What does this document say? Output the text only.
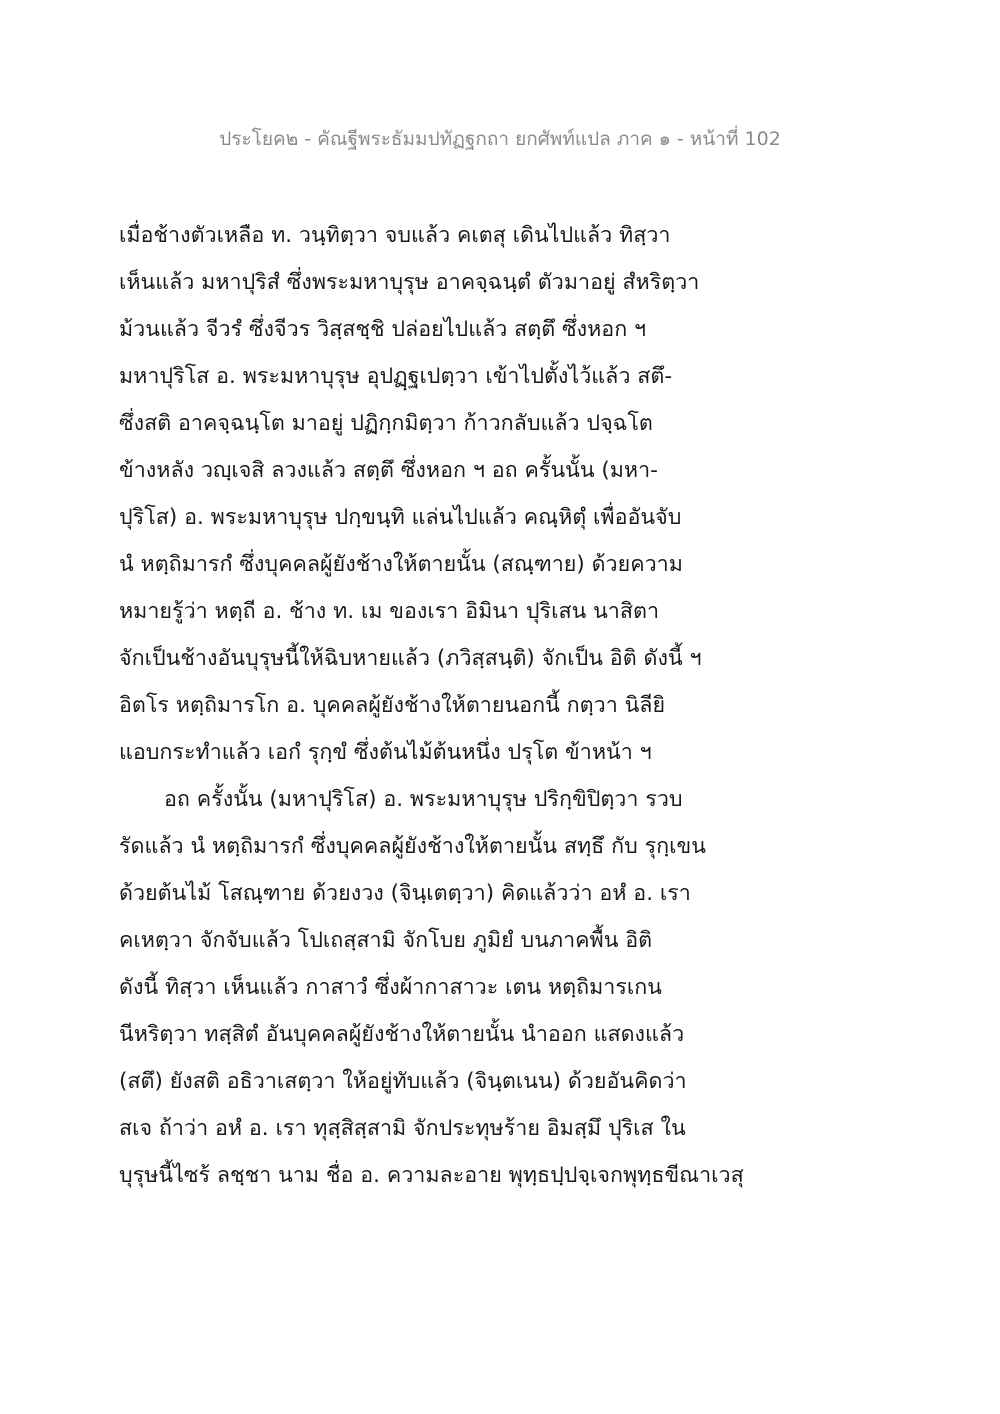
ประโยค๒ - คัณฐีพระธัมมปทัฏฐกถา ยกศัพท์แปล ภาค ๑ - หน้าที่ 102
เมื่อช้างตัวเหลือ ท. วนฺทิตฺวา จบแล้ว คเตสุ เดินไปแล้ว ทิสฺวา
เห็นแล้ว มหาปุริสํ ซึ่งพระมหาบุรุษ อาคจฺฉนฺตํ ตัวมาอยู่ สํหริตฺวา
ม้วนแล้ว จีวรํ ซึ่งจีวร วิสฺสชฺชิ ปล่อยไปแล้ว สตฺตึ ซึ่งหอก ฯ
มหาปุริโส อ. พระมหาบุรุษ อุปฏฺฐเปตฺวา เข้าไปตั้งไว้แล้ว สตึ-
ซึ่งสติ อาคจฺฉนฺโต มาอยู่ ปฏิกฺกมิตฺวา ก้าวกลับแล้ว ปจฺฉโต
ข้างหลัง วญฺเจสิ ลวงแล้ว สตฺตึ ซึ่งหอก ฯ อถ ครั้นนั้น (มหา-
ปุริโส) อ. พระมหาบุรุษ ปกฺขนฺทิ แล่นไปแล้ว คณฺหิตุํ เพื่ออันจับ
นํ หตฺถิมารกํ ซึ่งบุคคลผู้ยังช้างให้ตายนั้น (สณฺฑาย) ด้วยความ
หมายรู้ว่า หตฺถี อ. ช้าง ท. เม ของเรา อิมินา ปุริเสน นาสิตา
จักเป็นช้างอันบุรุษนี้ให้ฉิบหายแล้ว (ภวิสฺสนฺติ) จักเป็น อิติ ดังนี้ ฯ
อิตโร หตฺถิมารโก อ. บุคคลผู้ยังช้างให้ตายนอกนี้ กตฺวา นิลียิ
แอบกระทำแล้ว เอกํ รุกฺขํ ซึ่งต้นไม้ต้นหนึ่ง ปรุโต ข้าหน้า ฯ
อถ ครั้งนั้น (มหาปุริโส) อ. พระมหาบุรุษ ปริกฺขิปิตฺวา รวบ
รัดแล้ว นํ หตฺถิมารกํ ซึ่งบุคคลผู้ยังช้างให้ตายนั้น สทฺธึ กับ รุกฺเขน
ด้วยต้นไม้ โสณฺฑาย ด้วยงวง (จินฺเตตฺวา) คิดแล้วว่า อหํ อ. เรา
คเหตฺวา จักจับแล้ว โปเถสฺสามิ จักโบย ภูมิยํ บนภาคพื้น อิติ
ดังนี้ ทิสฺวา เห็นแล้ว กาสาวํ ซึ่งผ้ากาสาวะ เตน หตฺถิมารเกน
นีหริตฺวา ทสฺสิตํ อันบุคคลผู้ยังช้างให้ตายนั้น นำออก แสดงแล้ว
(สตึ) ยังสติ อธิวาเสตฺวา ให้อยู่ทับแล้ว (จินฺตเนน) ด้วยอันคิดว่า
สเจ ถ้าว่า อหํ อ. เรา ทุสฺสิสฺสามิ จักประทุษร้าย อิมสฺมึ ปุริเส ใน
บุรุษนี้ไซร้ ลชฺชา นาม ชื่อ อ. ความละอาย พุทฺธปฺปจฺเจกพุทฺธขีณาเวสุ
